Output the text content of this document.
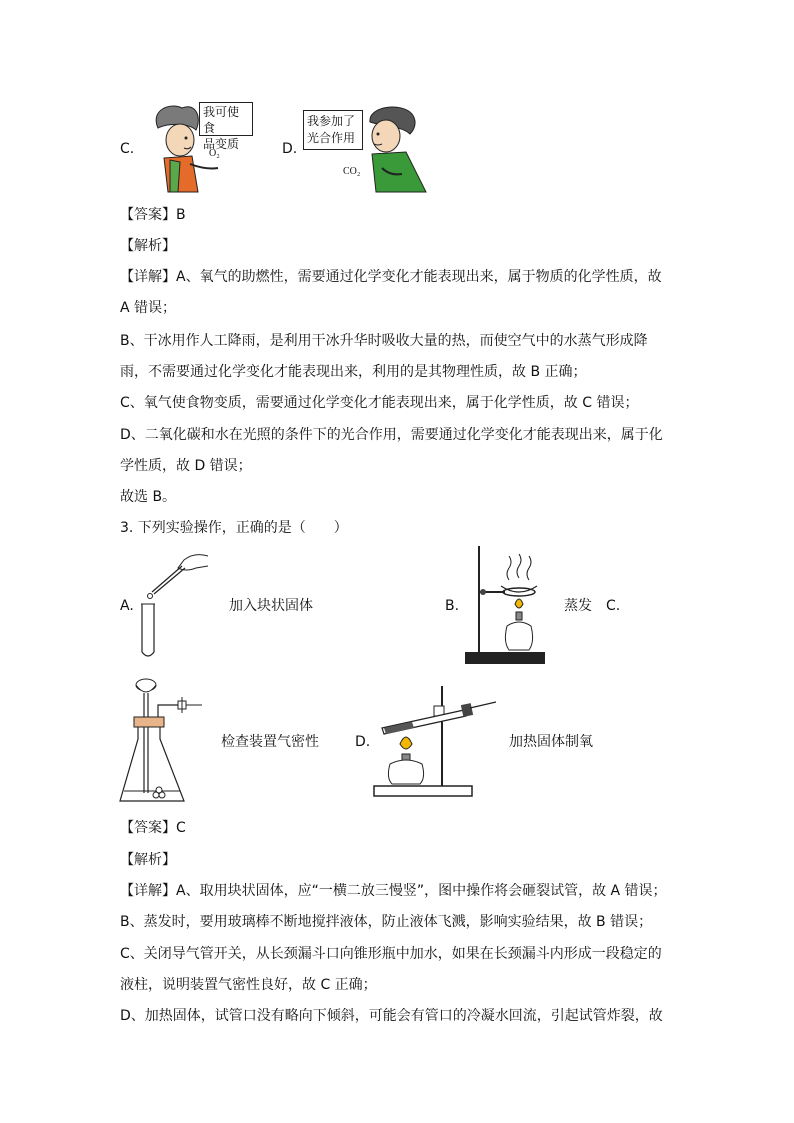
C.
我可使食
品变质
O₂	D.
我参加了
光合作用
CO₂
【答案】B
【解析】
【详解】A、氧气的助燃性，需要通过化学变化才能表现出来，属于物质的化学性质，故
A 错误；
B、干冰用作人工降雨，是利用干冰升华时吸收大量的热，而使空气中的水蒸气形成降
雨，不需要通过化学变化才能表现出来，利用的是其物理性质，故 B 正确；
C、氧气使食物变质，需要通过化学变化才能表现出来，属于化学性质，故 C 错误；
D、二氧化碳和水在光照的条件下的光合作用，需要通过化学变化才能表现出来，属于化
学性质，故 D 错误；
故选 B。
3. 下列实验操作，正确的是（　　）
A.	加入块状固体	B.	蒸发 C.
检查装置气密性	D.	加热固体制氧
【答案】C
【解析】
【详解】A、取用块状固体，应“一横二放三慢竖”，图中操作将会砸裂试管，故 A 错误；
B、蒸发时，要用玻璃棒不断地搅拌液体，防止液体飞溅，影响实验结果，故 B 错误；
C、关闭导气管开关，从长颈漏斗口向锥形瓶中加水，如果在长颈漏斗内形成一段稳定的
液柱，说明装置气密性良好，故 C 正确；
D、加热固体，试管口没有略向下倾斜，可能会有管口的冷凝水回流，引起试管炸裂，故
